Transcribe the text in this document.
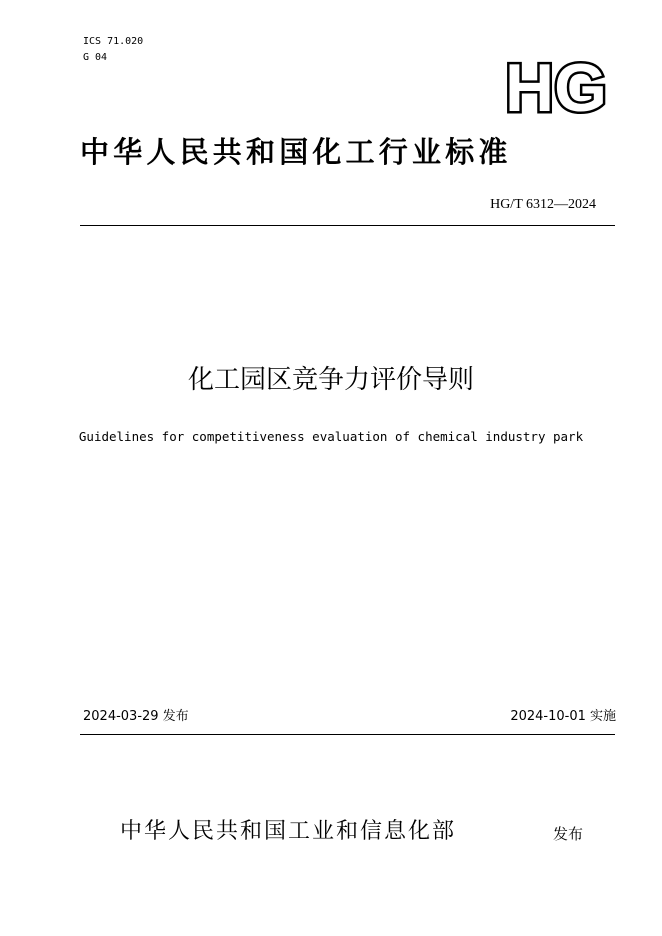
ICS 71.020
G 04	HG
中华人民共和国化工行业标准
HG/T 6312—2024
化工园区竞争力评价导则
Guidelines for competitiveness evaluation of chemical industry park
2024-03-29 发布	2024-10-01 实施
中华人民共和国工业和信息化部	发布
